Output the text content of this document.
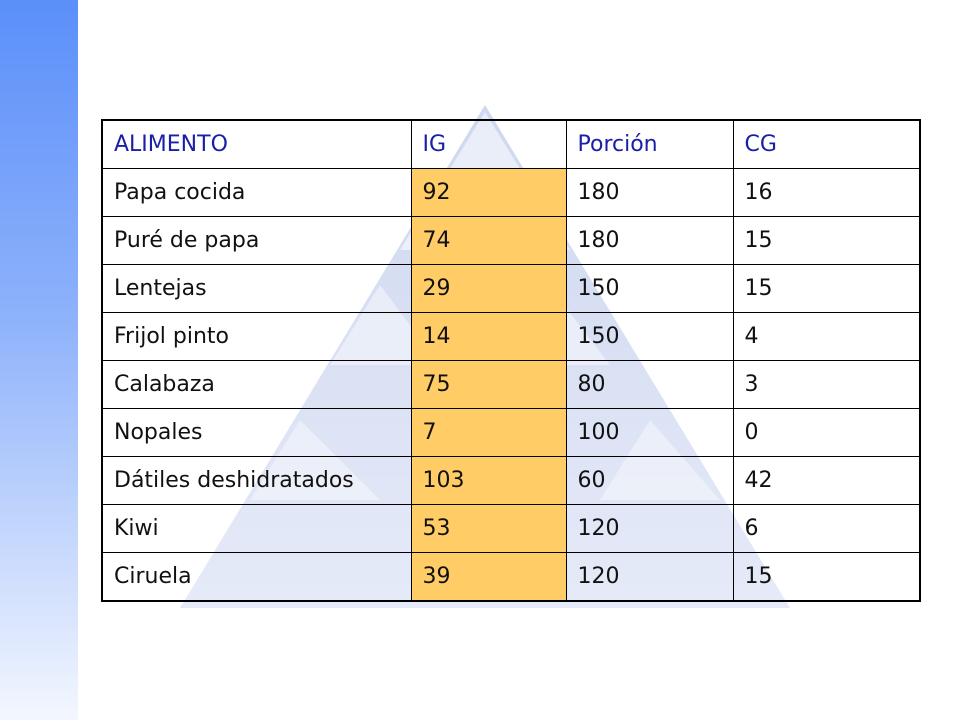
ALIMENTO	IG	Porción	CG
Papa cocida	92	180	16
Puré de papa	74	180	15
Lentejas	29	150	15
Frijol pinto	14	150	4
Calabaza	75	80	3
Nopales	7	100	0
Dátiles deshidratados	103	60	42
Kiwi	53	120	6
Ciruela	39	120	15
